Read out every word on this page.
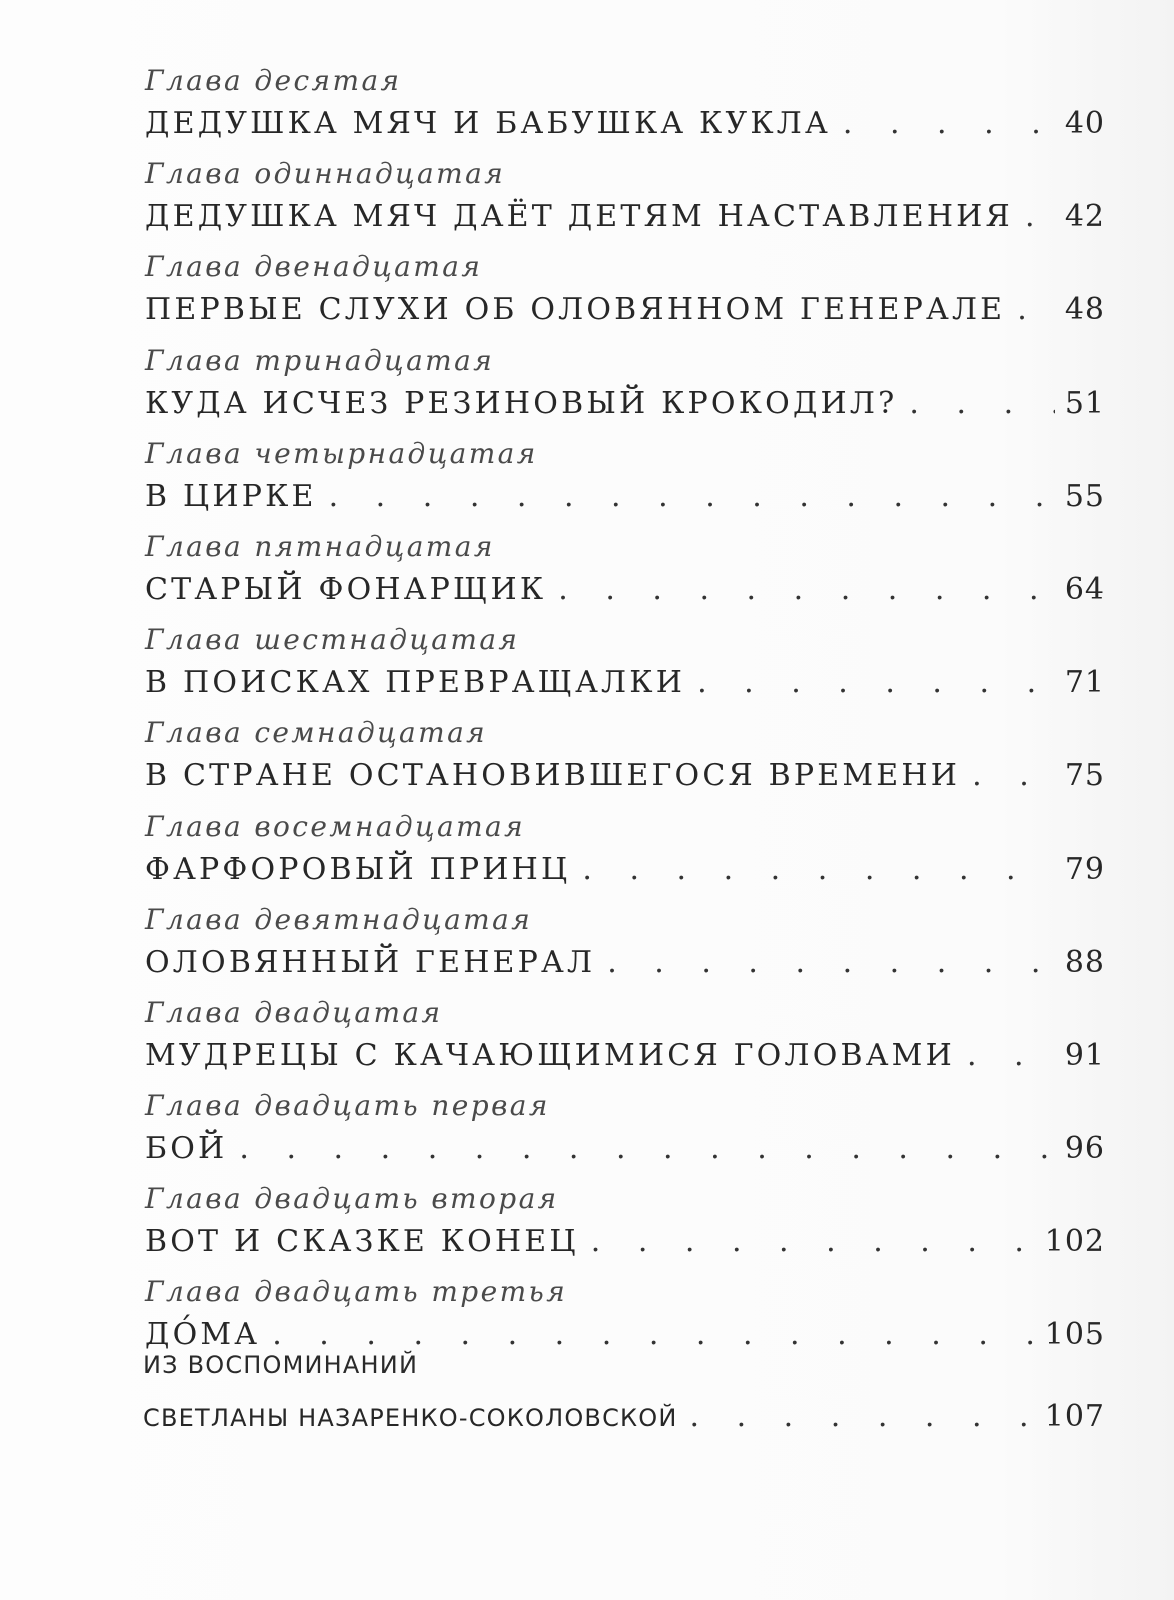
Глава десятая
ДЕДУШКА МЯЧ И БАБУШКА КУКЛА . . .	40
Глава одиннадцатая
ДЕДУШКА МЯЧ ДАЁТ ДЕТЯМ НАСТАВЛЕНИЯ . . . 42
Глава двенадцатая
ПЕРВЫЕ СЛУХИ ОБ ОЛОВЯННОМ ГЕНЕРАЛЕ . . . 48
Глава тринадцатая
КУДА ИСЧЕЗ РЕЗИНОВЫЙ КРОКОДИЛ? . . .	51
Глава четырнадцатая
В ЦИРКЕ . . .	55
Глава пятнадцатая
СТАРЫЙ ФОНАРЩИК . . .	64
Глава шестнадцатая
В ПОИСКАХ ПРЕВРАЩАЛКИ . . .	71
Глава семнадцатая
В СТРАНЕ ОСТАНОВИВШЕГОСЯ ВРЕМЕНИ . . .	75
Глава восемнадцатая
ФАРФОРОВЫЙ ПРИНЦ . . .	79
Глава девятнадцатая
ОЛОВЯННЫЙ ГЕНЕРАЛ . . .	88
Глава двадцатая
МУДРЕЦЫ С КАЧАЮЩИМИСЯ ГОЛОВАМИ . . .	91
Глава двадцать первая
БОЙ . . .	96
Глава двадцать вторая
ВОТ И СКАЗКЕ КОНЕЦ . . .	102
Глава двадцать третья
ДО́МА . . .	105
ИЗ ВОСПОМИНАНИЙ
СВЕТЛАНЫ НАЗАРЕНКО-СОКОЛОВСКОЙ . . .	107
